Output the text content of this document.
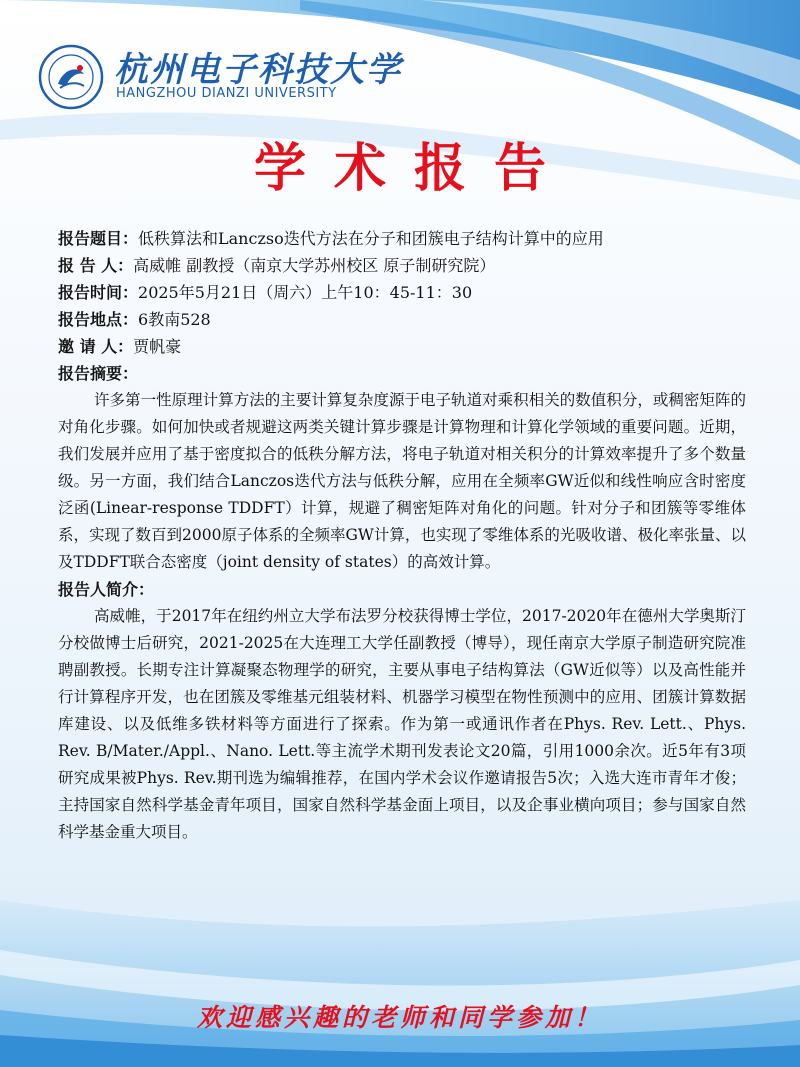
杭州电子科技大学
HANGZHOU DIANZI UNIVERSITY
学术报告
报告题目：低秩算法和Lanczso迭代方法在分子和团簇电子结构计算中的应用
报 告 人：高威帷 副教授（南京大学苏州校区 原子制研究院）
报告时间：2025年5月21日（周六）上午10：45-11：30
报告地点：6教南528
邀 请 人：贾帆豪
报告摘要：

许多第一性原理计算方法的主要计算复杂度源于电子轨道对乘积相关的数值积分，或稠密矩阵的对角化步骤。如何加快或者规避这两类关键计算步骤是计算物理和计算化学领域的重要问题。近期，我们发展并应用了基于密度拟合的低秩分解方法，将电子轨道对相关积分的计算效率提升了多个数量级。另一方面，我们结合Lanczos迭代方法与低秩分解，应用在全频率GW近似和线性响应含时密度泛函(Linear-response TDDFT）计算，规避了稠密矩阵对角化的问题。针对分子和团簇等零维体系，实现了数百到2000原子体系的全频率GW计算，也实现了零维体系的光吸收谱、极化率张量、以及TDDFT联合态密度（joint density of states）的高效计算。

报告人简介：

高威帷，于2017年在纽约州立大学布法罗分校获得博士学位，2017-2020年在德州大学奥斯汀分校做博士后研究，2021-2025在大连理工大学任副教授（博导），现任南京大学原子制造研究院准聘副教授。长期专注计算凝聚态物理学的研究，主要从事电子结构算法（GW近似等）以及高性能并行计算程序开发，也在团簇及零维基元组装材料、机器学习模型在物性预测中的应用、团簇计算数据库建设、以及低维多铁材料等方面进行了探索。作为第一或通讯作者在Phys. Rev. Lett.、Phys. Rev. B/Mater./Appl.、Nano. Lett.等主流学术期刊发表论文20篇，引用1000余次。近5年有3项研究成果被Phys. Rev.期刊选为编辑推荐，在国内学术会议作邀请报告5次；入选大连市青年才俊；主持国家自然科学基金青年项目，国家自然科学基金面上项目，以及企事业横向项目；参与国家自然科学基金重大项目。

欢迎感兴趣的老师和同学参加！
